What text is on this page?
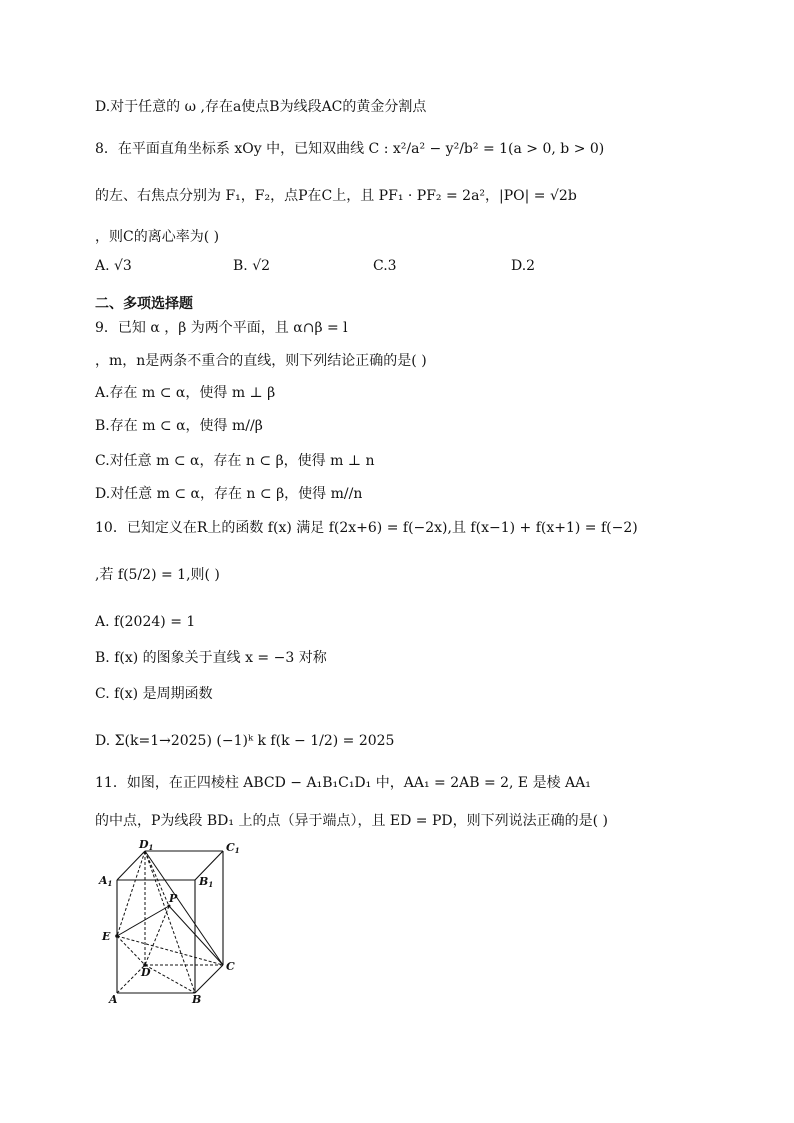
D.对于任意的 ω ,存在a使点B为线段AC的黄金分割点
8．在平面直角坐标系 xOy 中，已知双曲线 C : x²/a² − y²/b² = 1(a > 0, b > 0)
的左、右焦点分别为 F₁，F₂，点P在C上，且 PF₁ · PF₂ = 2a²，|PO| = √2b
，则C的离心率为( )
A. √3	B. √2	C.3	D.2
二、多项选择题
9．已知 α ，β 为两个平面，且 α∩β = l
，m，n是两条不重合的直线，则下列结论正确的是( )
A.存在 m ⊂ α，使得 m ⊥ β
B.存在 m ⊂ α，使得 m//β
C.对任意 m ⊂ α，存在 n ⊂ β，使得 m ⊥ n
D.对任意 m ⊂ α，存在 n ⊂ β，使得 m//n
10．已知定义在R上的函数 f(x) 满足 f(2x+6) = f(−2x),且 f(x−1) + f(x+1) = f(−2)
,若 f(5/2) = 1,则( )
A. f(2024) = 1
B. f(x) 的图象关于直线 x = −3 对称
C. f(x) 是周期函数
D. Σ(k=1→2025) (−1)ᵏ k f(k − 1/2) = 2025
11．如图，在正四棱柱 ABCD − A₁B₁C₁D₁ 中，AA₁ = 2AB = 2, E 是棱 AA₁
的中点，P为线段 BD₁ 上的点（异于端点），且 ED = PD，则下列说法正确的是( )
D1	C1
A1	B1
P
E
D	C
A	B
